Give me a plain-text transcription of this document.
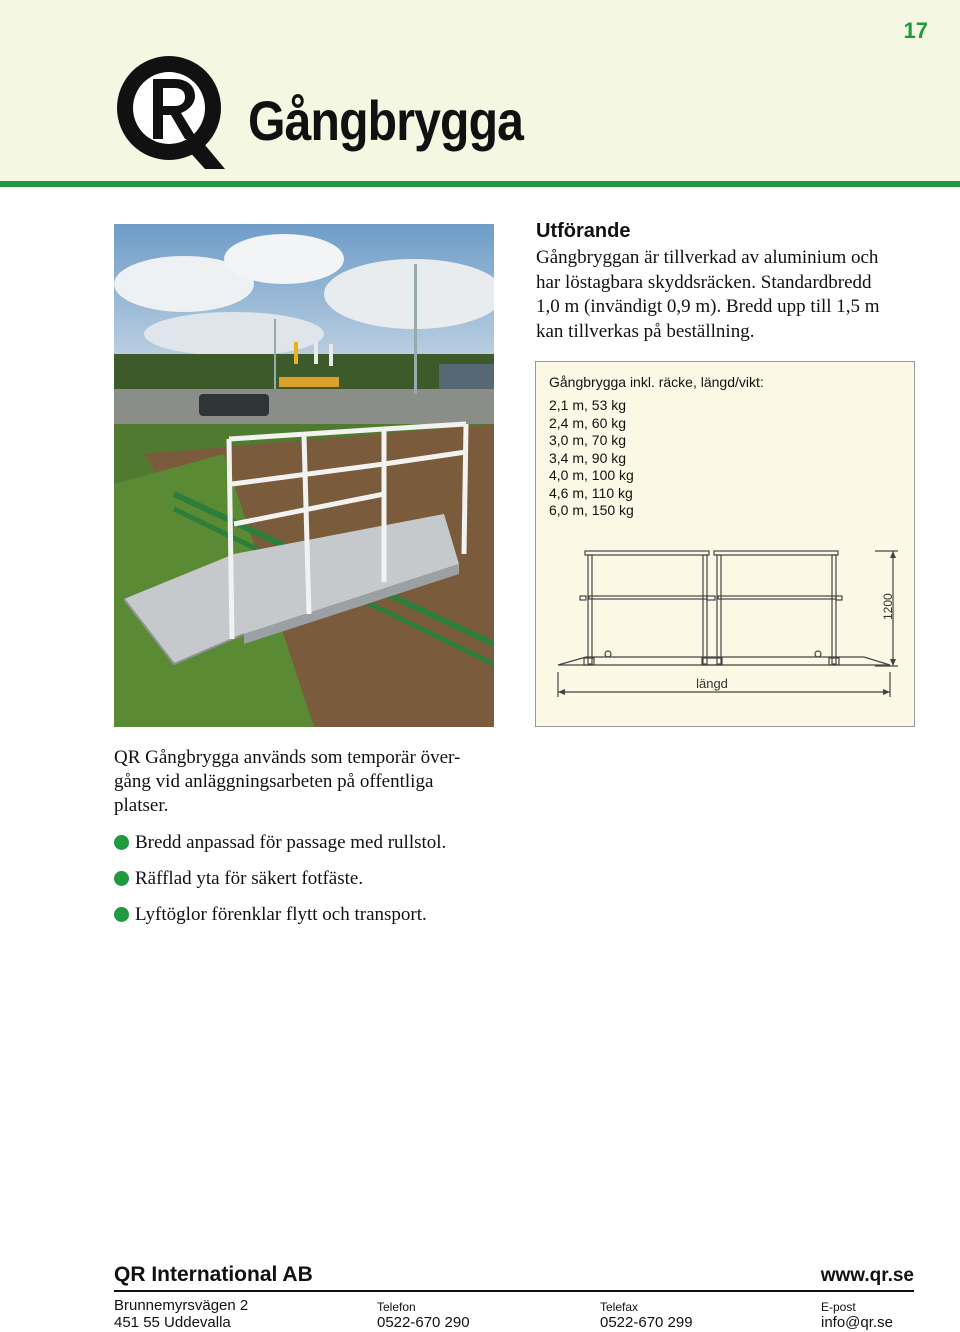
17
Gångbrygga
Utförande

Gångbryggan är tillverkad av aluminium och
har löstagbara skyddsräcken. Standardbredd
1,0 m (invändigt 0,9 m). Bredd upp till 1,5 m
kan tillverkas på beställning.

Gångbrygga inkl. räcke, längd/vikt:

2,1 m, 53 kg
2,4 m, 60 kg
3,0 m, 70 kg
3,4 m, 90 kg
4,0 m, 100 kg
4,6 m, 110 kg
6,0 m, 150 kg
1200
längd

QR Gångbrygga används som temporär över-
gång vid anläggningsarbeten på offentliga
platser.

Bredd anpassad för passage med rullstol.
Räfflad yta för säkert fotfäste.
Lyftöglor förenklar flytt och transport.

QR International AB	www.qr.se

Brunnemyrsvägen 2
451 55 Uddevalla
Telefon
0522-670 290
Telefax
0522-670 299
E-post
info@qr.se
